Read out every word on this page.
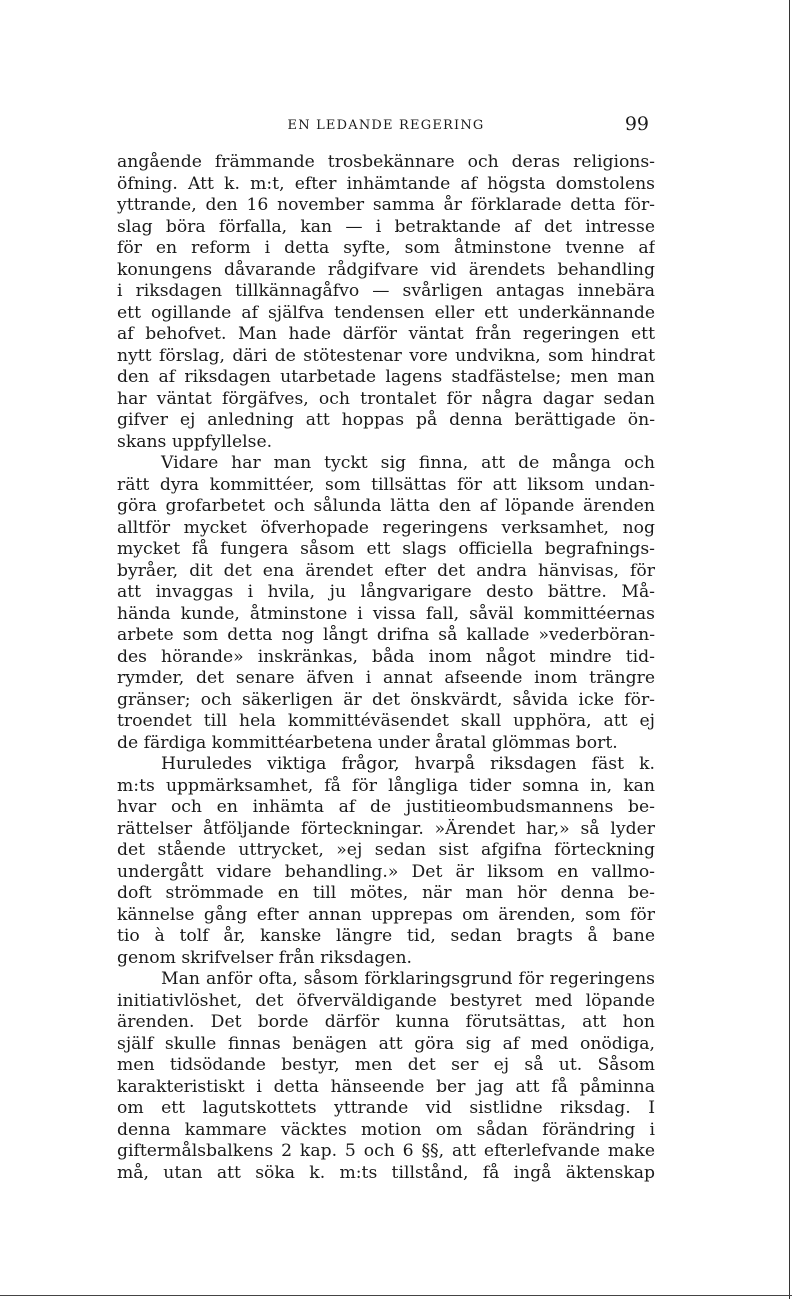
EN LEDANDE REGERING	99
angående främmande trosbekännare och deras religions-
öfning. Att k. m:t, efter inhämtande af högsta domstolens
yttrande, den 16 november samma år förklarade detta för-
slag böra förfalla, kan — i betraktande af det intresse
för en reform i detta syfte, som åtminstone tvenne af
konungens dåvarande rådgifvare vid ärendets behandling
i riksdagen tillkännagåfvo — svårligen antagas innebära
ett ogillande af själfva tendensen eller ett underkännande
af behofvet. Man hade därför väntat från regeringen ett
nytt förslag, däri de stötestenar vore undvikna, som hindrat
den af riksdagen utarbetade lagens stadfästelse; men man
har väntat förgäfves, och trontalet för några dagar sedan
gifver ej anledning att hoppas på denna berättigade ön-
skans uppfyllelse.
Vidare har man tyckt sig finna, att de många och
rätt dyra kommittéer, som tillsättas för att liksom undan-
göra grofarbetet och sålunda lätta den af löpande ärenden
alltför mycket öfverhopade regeringens verksamhet, nog
mycket få fungera såsom ett slags officiella begrafnings-
byråer, dit det ena ärendet efter det andra hänvisas, för
att invaggas i hvila, ju långvarigare desto bättre. Må-
hända kunde, åtminstone i vissa fall, såväl kommittéernas
arbete som detta nog långt drifna så kallade »vederböran-
des hörande» inskränkas, båda inom något mindre tid-
rymder, det senare äfven i annat afseende inom trängre
gränser; och säkerligen är det önskvärdt, såvida icke för-
troendet till hela kommittéväsendet skall upphöra, att ej
de färdiga kommittéarbetena under åratal glömmas bort.
Huruledes viktiga frågor, hvarpå riksdagen fäst k.
m:ts uppmärksamhet, få för långliga tider somna in, kan
hvar och en inhämta af de justitieombudsmannens be-
rättelser åtföljande förteckningar. »Ärendet har,» så lyder
det stående uttrycket, »ej sedan sist afgifna förteckning
undergått vidare behandling.» Det är liksom en vallmo-
doft strömmade en till mötes, när man hör denna be-
kännelse gång efter annan upprepas om ärenden, som för
tio à tolf år, kanske längre tid, sedan bragts å bane
genom skrifvelser från riksdagen.
Man anför ofta, såsom förklaringsgrund för regeringens
initiativlöshet, det öfverväldigande bestyret med löpande
ärenden. Det borde därför kunna förutsättas, att hon
själf skulle finnas benägen att göra sig af med onödiga,
men tidsödande bestyr, men det ser ej så ut. Såsom
karakteristiskt i detta hänseende ber jag att få påminna
om ett lagutskottets yttrande vid sistlidne riksdag. I
denna kammare väcktes motion om sådan förändring i
giftermålsbalkens 2 kap. 5 och 6 §§, att efterlefvande make
må, utan att söka k. m:ts tillstånd, få ingå äktenskap
